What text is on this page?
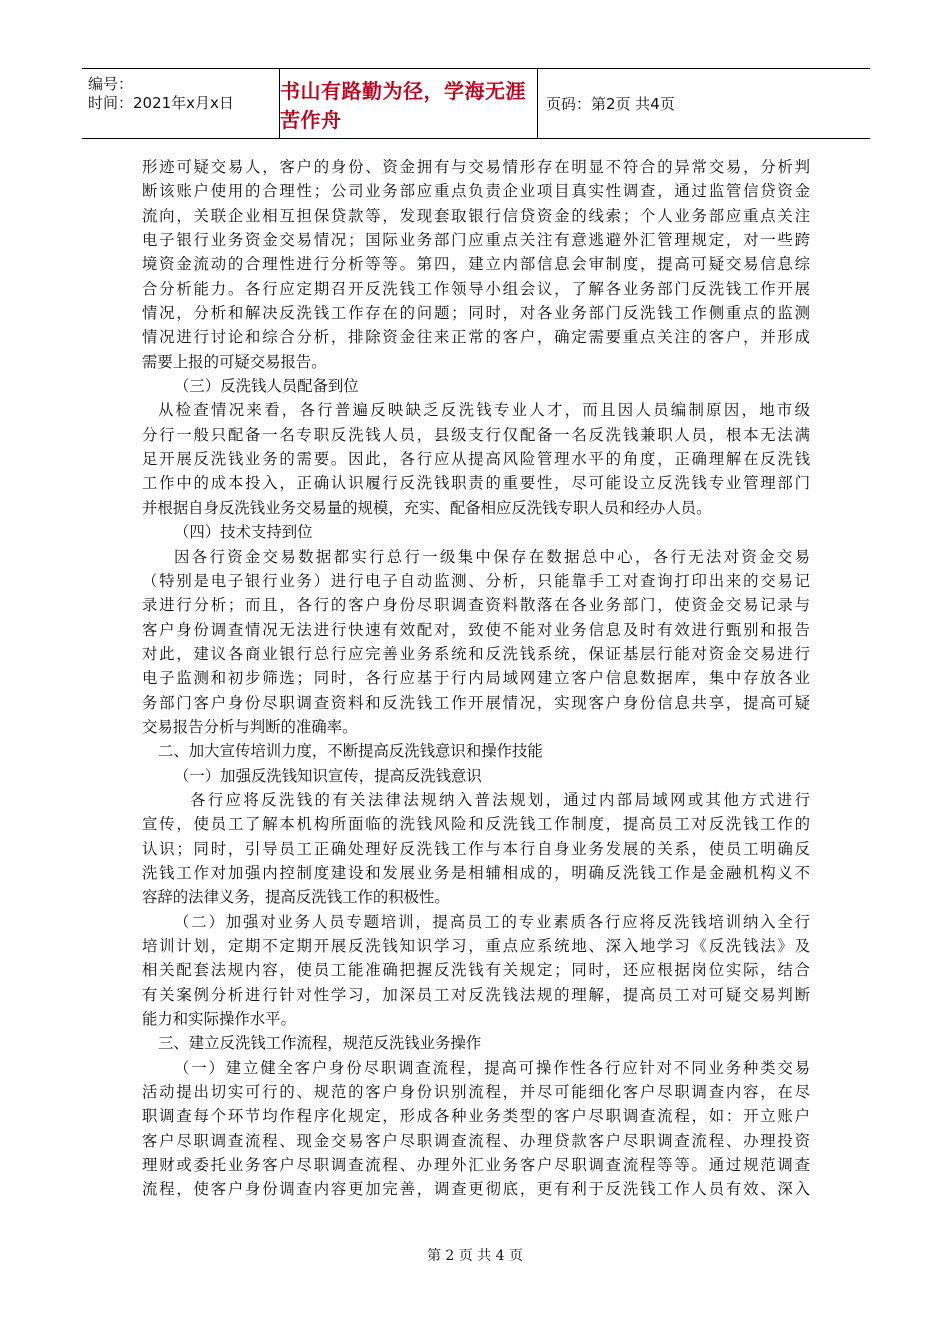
编号：
时间：2021年x月x日
书山有路勤为径，学海无涯苦作舟
页码：第2页 共4页
形迹可疑交易人，客户的身份、资金拥有与交易情形存在明显不符合的异常交易，分析判
断该账户使用的合理性；公司业务部应重点负责企业项目真实性调查，通过监管信贷资金
流向，关联企业相互担保贷款等，发现套取银行信贷资金的线索；个人业务部应重点关注
电子银行业务资金交易情况；国际业务部门应重点关注有意逃避外汇管理规定，对一些跨
境资金流动的合理性进行分析等等。第四，建立内部信息会审制度，提高可疑交易信息综
合分析能力。各行应定期召开反洗钱工作领导小组会议，了解各业务部门反洗钱工作开展
情况，分析和解决反洗钱工作存在的问题；同时，对各业务部门反洗钱工作侧重点的监测
情况进行讨论和综合分析，排除资金往来正常的客户，确定需要重点关注的客户，并形成
需要上报的可疑交易报告。
（三）反洗钱人员配备到位
从检查情况来看，各行普遍反映缺乏反洗钱专业人才，而且因人员编制原因，地市级
分行一般只配备一名专职反洗钱人员，县级支行仅配备一名反洗钱兼职人员，根本无法满
足开展反洗钱业务的需要。因此，各行应从提高风险管理水平的角度，正确理解在反洗钱
工作中的成本投入，正确认识履行反洗钱职责的重要性，尽可能设立反洗钱专业管理部门
并根据自身反洗钱业务交易量的规模，充实、配备相应反洗钱专职人员和经办人员。
（四）技术支持到位
因各行资金交易数据都实行总行一级集中保存在数据总中心，各行无法对资金交易
（特别是电子银行业务）进行电子自动监测、分析，只能靠手工对查询打印出来的交易记
录进行分析；而且，各行的客户身份尽职调查资料散落在各业务部门，使资金交易记录与
客户身份调查情况无法进行快速有效配对，致使不能对业务信息及时有效进行甄别和报告
对此，建议各商业银行总行应完善业务系统和反洗钱系统，保证基层行能对资金交易进行
电子监测和初步筛选；同时，各行应基于行内局域网建立客户信息数据库，集中存放各业
务部门客户身份尽职调查资料和反洗钱工作开展情况，实现客户身份信息共享，提高可疑
交易报告分析与判断的准确率。
二、加大宣传培训力度，不断提高反洗钱意识和操作技能
（一）加强反洗钱知识宣传，提高反洗钱意识
各行应将反洗钱的有关法律法规纳入普法规划，通过内部局域网或其他方式进行
宣传，使员工了解本机构所面临的洗钱风险和反洗钱工作制度，提高员工对反洗钱工作的
认识；同时，引导员工正确处理好反洗钱工作与本行自身业务发展的关系，使员工明确反
洗钱工作对加强内控制度建设和发展业务是相辅相成的，明确反洗钱工作是金融机构义不
容辞的法律义务，提高反洗钱工作的积极性。
（二）加强对业务人员专题培训，提高员工的专业素质各行应将反洗钱培训纳入全行
培训计划，定期不定期开展反洗钱知识学习，重点应系统地、深入地学习《反洗钱法》及
相关配套法规内容，使员工能准确把握反洗钱有关规定；同时，还应根据岗位实际，结合
有关案例分析进行针对性学习，加深员工对反洗钱法规的理解，提高员工对可疑交易判断
能力和实际操作水平。
三、建立反洗钱工作流程，规范反洗钱业务操作
（一）建立健全客户身份尽职调查流程，提高可操作性各行应针对不同业务种类交易
活动提出切实可行的、规范的客户身份识别流程，并尽可能细化客户尽职调查内容，在尽
职调查每个环节均作程序化规定，形成各种业务类型的客户尽职调查流程，如：开立账户
客户尽职调查流程、现金交易客户尽职调查流程、办理贷款客户尽职调查流程、办理投资
理财或委托业务客户尽职调查流程、办理外汇业务客户尽职调查流程等等。通过规范调查
流程，使客户身份调查内容更加完善，调查更彻底，更有利于反洗钱工作人员有效、深入
第 2 页 共 4 页
